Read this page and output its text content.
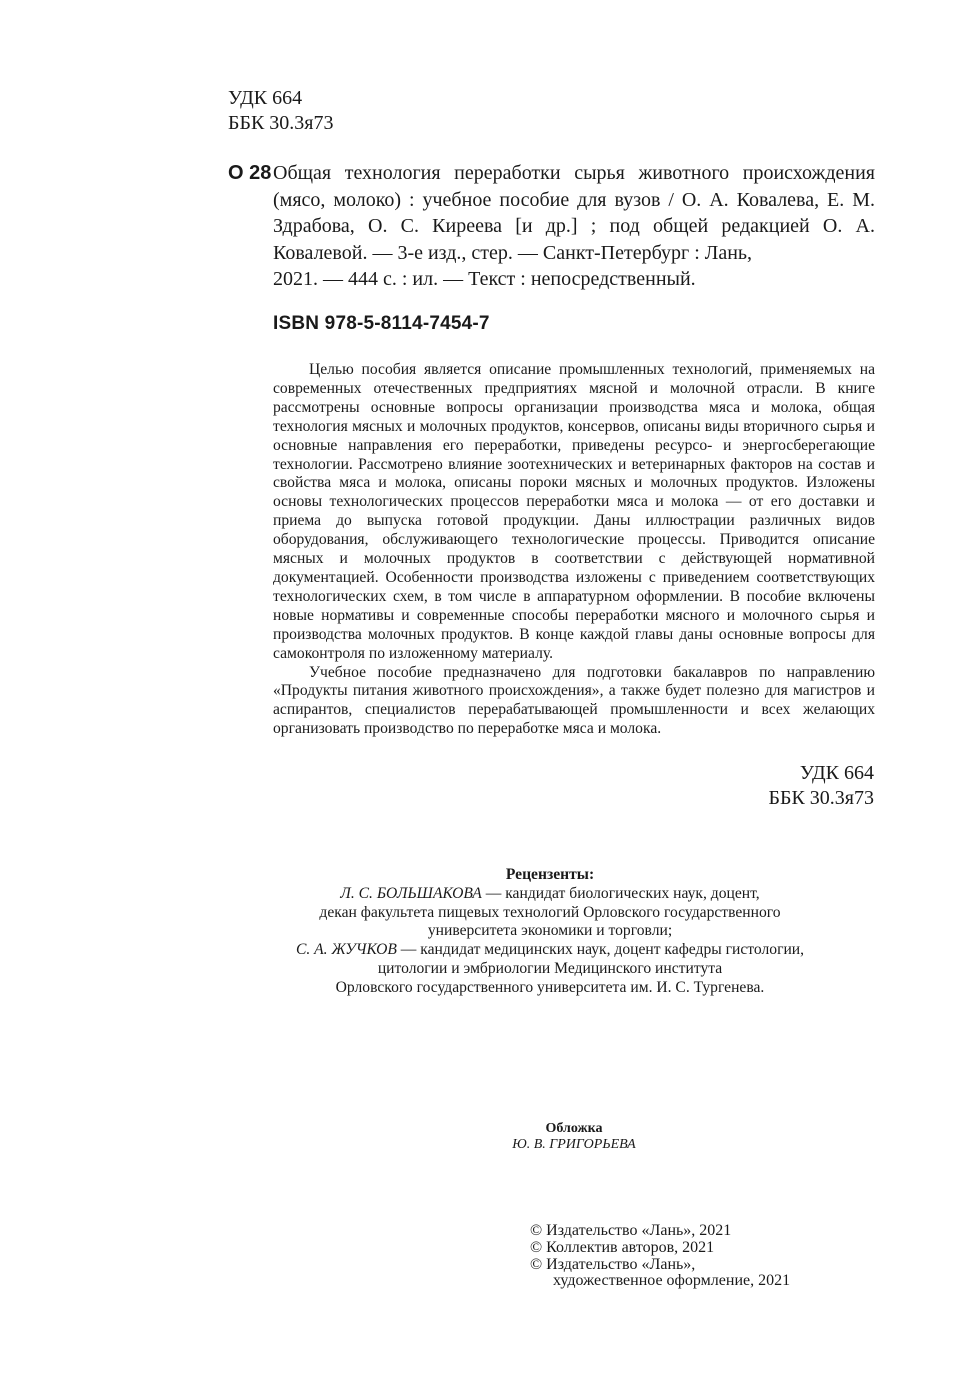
УДК 664
ББК 30.3я73
О 28 Общая технология переработки сырья животного происхождения (мясо, молоко) : учебное пособие для вузов / О. А. Ковалева, Е. М. Здрабова, О. С. Киреева [и др.] ; под общей редакцией О. А. Ковалевой. — 3-е изд., стер. — Санкт-Петербург : Лань,
2021. — 444 с. : ил. — Текст : непосредственный.
ISBN 978-5-8114-7454-7

Целью пособия является описание промышленных технологий, применяемых на современных отечественных предприятиях мясной и молочной отрасли. В книге рассмотрены основные вопросы организации производства мяса и молока, общая технология мясных и молочных продуктов, консервов, описаны виды вторичного сырья и основные направления его переработки, приведены ресурсо- и энергосберегающие технологии. Рассмотрено влияние зоотехнических и ветеринарных факторов на состав и свойства мяса и молока, описаны пороки мясных и молочных продуктов. Изложены основы технологических процессов переработки мяса и молока — от его доставки и приема до выпуска готовой продукции. Даны иллюстрации различных видов оборудования, обслуживающего технологические процессы. Приводится описание мясных и молочных продуктов в соответствии с действующей нормативной документацией. Особенности производства изложены с приведением соответствующих технологических схем, в том числе в аппаратурном оформлении. В пособие включены новые нормативы и современные способы переработки мясного и молочного сырья и производства молочных продуктов. В конце каждой главы даны основные вопросы для самоконтроля по изложенному материалу.

Учебное пособие предназначено для подготовки бакалавров по направлению «Продукты питания животного происхождения», а также будет полезно для магистров и аспирантов, специалистов перерабатывающей промышленности и всех желающих организовать производство по переработке мяса и молока.

УДК 664
ББК 30.3я73
Рецензенты:
Л. С. БОЛЬШАКОВА — кандидат биологических наук, доцент,
декан факультета пищевых технологий Орловского государственного
университета экономики и торговли;
С. А. ЖУЧКОВ — кандидат медицинских наук, доцент кафедры гистологии,
цитологии и эмбриологии Медицинского института
Орловского государственного университета им. И. С. Тургенева.
Обложка
Ю. В. ГРИГОРЬЕВА
© Издательство «Лань», 2021
© Коллектив авторов, 2021
© Издательство «Лань»,
художественное оформление, 2021
